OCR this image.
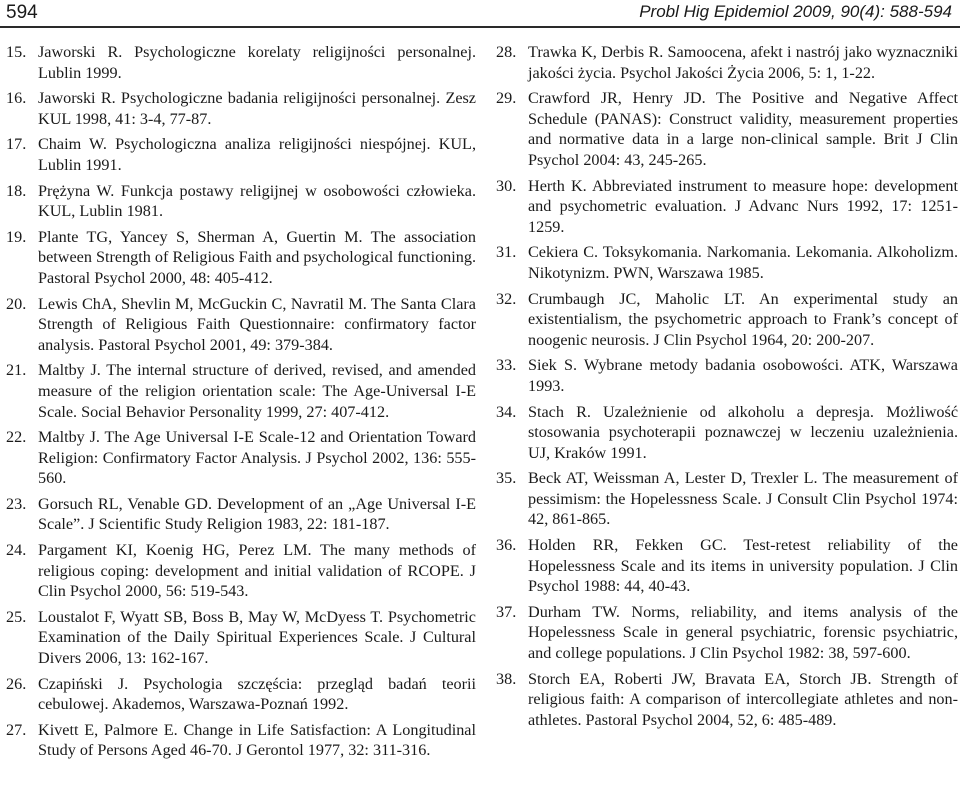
594	Probl Hig Epidemiol 2009, 90(4): 588-594
15. Jaworski R. Psychologiczne korelaty religijności personalnej. Lublin 1999.
16. Jaworski R. Psychologiczne badania religijności personalnej. Zesz KUL 1998, 41: 3-4, 77-87.
17. Chaim W. Psychologiczna analiza religijności niespójnej. KUL, Lublin 1991.
18. Prężyna W. Funkcja postawy religijnej w osobowości człowieka. KUL, Lublin 1981.
19. Plante TG, Yancey S, Sherman A, Guertin M. The association between Strength of Religious Faith and psychological functioning. Pastoral Psychol 2000, 48: 405-412.
20. Lewis ChA, Shevlin M, McGuckin C, Navratil M. The Santa Clara Strength of Religious Faith Questionnaire: confirmatory factor analysis. Pastoral Psychol 2001, 49: 379-384.
21. Maltby J. The internal structure of derived, revised, and amended measure of the religion orientation scale: The Age-Universal I-E Scale. Social Behavior Personality 1999, 27: 407-412.
22. Maltby J. The Age Universal I-E Scale-12 and Orientation Toward Religion: Confirmatory Factor Analysis. J Psychol 2002, 136: 555-560.
23. Gorsuch RL, Venable GD. Development of an „Age Universal I-E Scale”. J Scientific Study Religion 1983, 22: 181-187.
24. Pargament KI, Koenig HG, Perez LM. The many methods of religious coping: development and initial validation of RCOPE. J Clin Psychol 2000, 56: 519-543.
25. Loustalot F, Wyatt SB, Boss B, May W, McDyess T. Psychometric Examination of the Daily Spiritual Experiences Scale. J Cultural Divers 2006, 13: 162-167.
26. Czapiński J. Psychologia szczęścia: przegląd badań teorii cebulowej. Akademos, Warszawa-Poznań 1992.
27. Kivett E, Palmore E. Change in Life Satisfaction: A Longitudinal Study of Persons Aged 46-70. J Gerontol 1977, 32: 311-316.
28. Trawka K, Derbis R. Samoocena, afekt i nastrój jako wyznaczniki jakości życia. Psychol Jakości Życia 2006, 5: 1, 1-22.
29. Crawford JR, Henry JD. The Positive and Negative Affect Schedule (PANAS): Construct validity, measurement properties and normative data in a large non-clinical sample. Brit J Clin Psychol 2004: 43, 245-265.
30. Herth K. Abbreviated instrument to measure hope: development and psychometric evaluation. J Advanc Nurs 1992, 17: 1251-1259.
31. Cekiera C. Toksykomania. Narkomania. Lekomania. Alkoholizm. Nikotynizm. PWN, Warszawa 1985.
32. Crumbaugh JC, Maholic LT. An experimental study an existentialism, the psychometric approach to Frank’s concept of noogenic neurosis. J Clin Psychol 1964, 20: 200-207.
33. Siek S. Wybrane metody badania osobowości. ATK, Warszawa 1993.
34. Stach R. Uzależnienie od alkoholu a depresja. Możliwość stosowania psychoterapii poznawczej w leczeniu uzależnienia. UJ, Kraków 1991.
35. Beck AT, Weissman A, Lester D, Trexler L. The measurement of pessimism: the Hopelessness Scale. J Consult Clin Psychol 1974: 42, 861-865.
36. Holden RR, Fekken GC. Test-retest reliability of the Hopelessness Scale and its items in university population. J Clin Psychol 1988: 44, 40-43.
37. Durham TW. Norms, reliability, and items analysis of the Hopelessness Scale in general psychiatric, forensic psychiatric, and college populations. J Clin Psychol 1982: 38, 597-600.
38. Storch EA, Roberti JW, Bravata EA, Storch JB. Strength of religious faith: A comparison of intercollegiate athletes and non-athletes. Pastoral Psychol 2004, 52, 6: 485-489.
